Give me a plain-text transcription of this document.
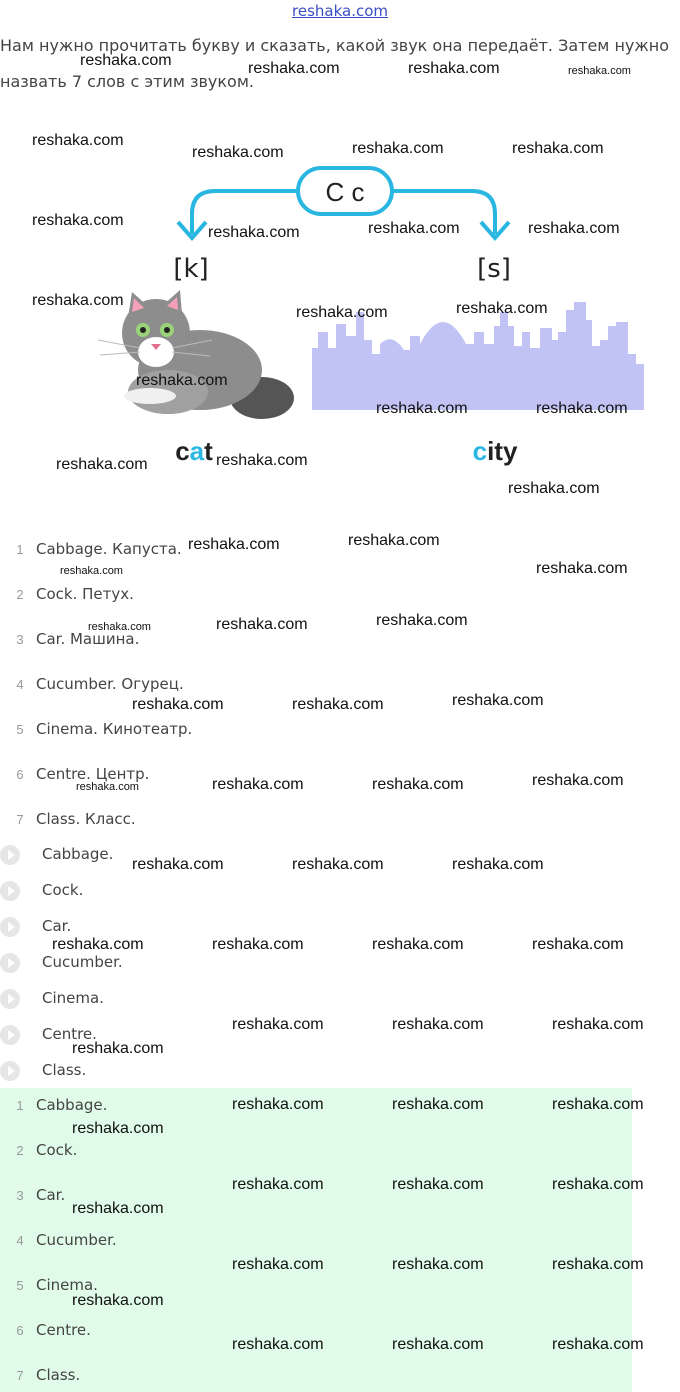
reshaka.com
Нам нужно прочитать букву и сказать, какой звук она передаёт. Затем нужно назвать 7 слов с этим звуком.
C c
[k]	[s]
cat	city
1 Cabbage. Капуста.
2 Cock. Петух.
3 Car. Машина.
4 Cucumber. Огурец.
5 Cinema. Кинотеатр.
6 Centre. Центр.
7 Class. Класс.
Cabbage.
Cock.
Car.
Cucumber.
Cinema.
Centre.
Class.
1 Cabbage.
2 Cock.
3 Car.
4 Cucumber.
5 Cinema.
6 Centre.
7 Class.
reshaka.com	reshaka.com	reshaka.com	reshaka.com
reshaka.com
reshaka.com	reshaka.com	reshaka.com
reshaka.com
reshaka.com	reshaka.com	reshaka.com
reshaka.com
reshaka.com	reshaka.com
reshaka.com
reshaka.com	reshaka.com
reshaka.com	reshaka.com
reshaka.com
reshaka.com	reshaka.com
reshaka.com	reshaka.com
reshaka.com	reshaka.com	reshaka.com
reshaka.com	reshaka.com	reshaka.com
reshaka.com	reshaka.com	reshaka.com	reshaka.com
reshaka.com	reshaka.com	reshaka.com
reshaka.com	reshaka.com	reshaka.com	reshaka.com
reshaka.com	reshaka.com	reshaka.com
reshaka.com
reshaka.com	reshaka.com	reshaka.com
reshaka.com
reshaka.com	reshaka.com	reshaka.com
reshaka.com
reshaka.com	reshaka.com	reshaka.com
reshaka.com
reshaka.com	reshaka.com	reshaka.com
